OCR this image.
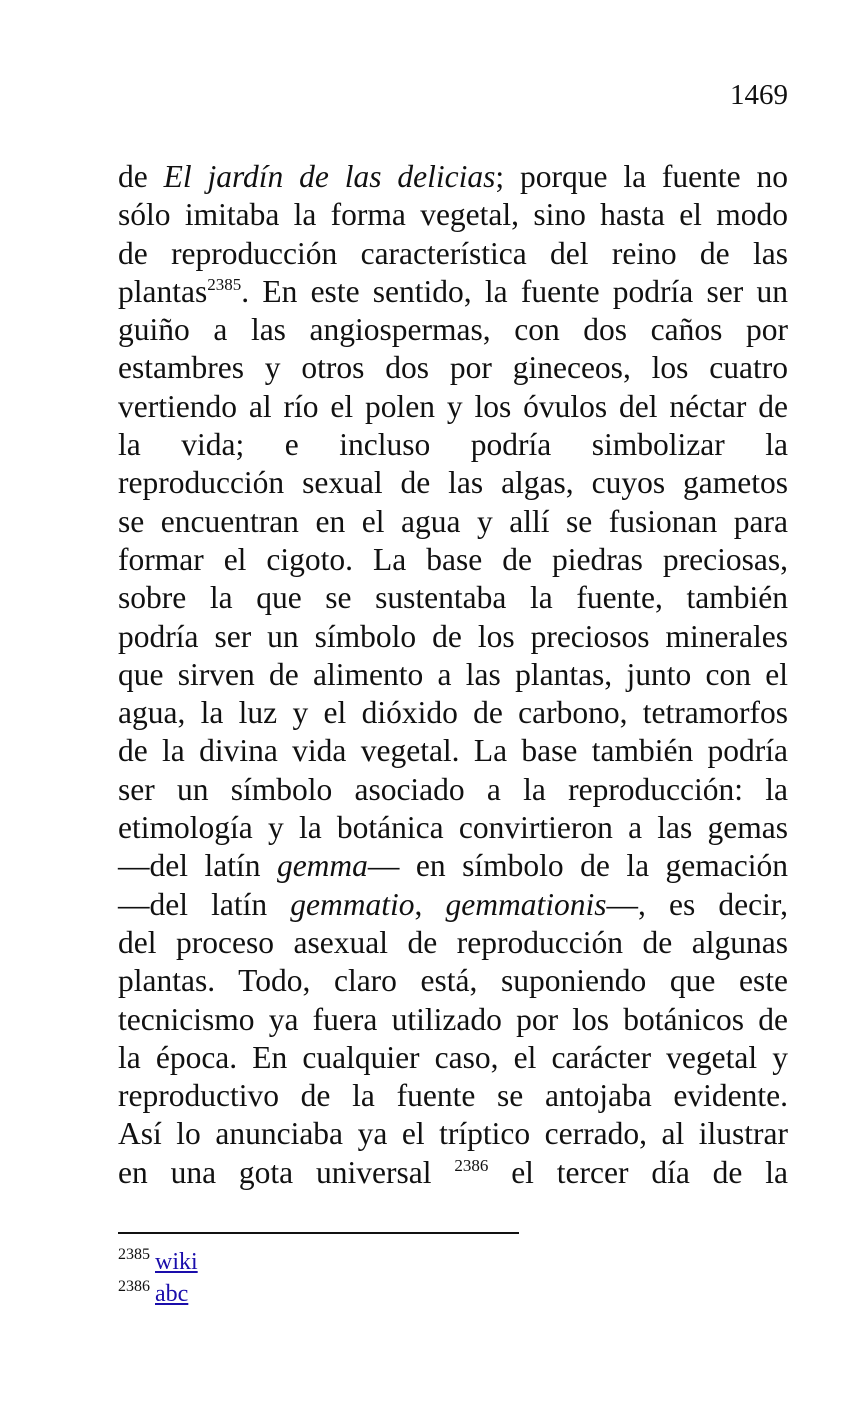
1469
de El jardín de las delicias; porque la fuente no
sólo imitaba la forma vegetal, sino hasta el modo
de reproducción característica del reino de las
plantas$^{2385}$. En este sentido, la fuente podría ser un
guiño a las angiospermas, con dos caños por
estambres y otros dos por gineceos, los cuatro
vertiendo al río el polen y los óvulos del néctar de
la vida; e incluso podría simbolizar la
reproducción sexual de las algas, cuyos gametos
se encuentran en el agua y allí se fusionan para
formar el cigoto. La base de piedras preciosas,
sobre la que se sustentaba la fuente, también
podría ser un símbolo de los preciosos minerales
que sirven de alimento a las plantas, junto con el
agua, la luz y el dióxido de carbono, tetramorfos
de la divina vida vegetal. La base también podría
ser un símbolo asociado a la reproducción: la
etimología y la botánica convirtieron a las gemas
—del latín gemma— en símbolo de la gemación
—del latín gemmatio, gemmationis—, es decir,
del proceso asexual de reproducción de algunas
plantas. Todo, claro está, suponiendo que este
tecnicismo ya fuera utilizado por los botánicos de
la época. En cualquier caso, el carácter vegetal y
reproductivo de la fuente se antojaba evidente.
Así lo anunciaba ya el tríptico cerrado, al ilustrar
en una gota universal $^{2386}$ el tercer día de la
$^{2385}$ wiki
$^{2386}$ abc
